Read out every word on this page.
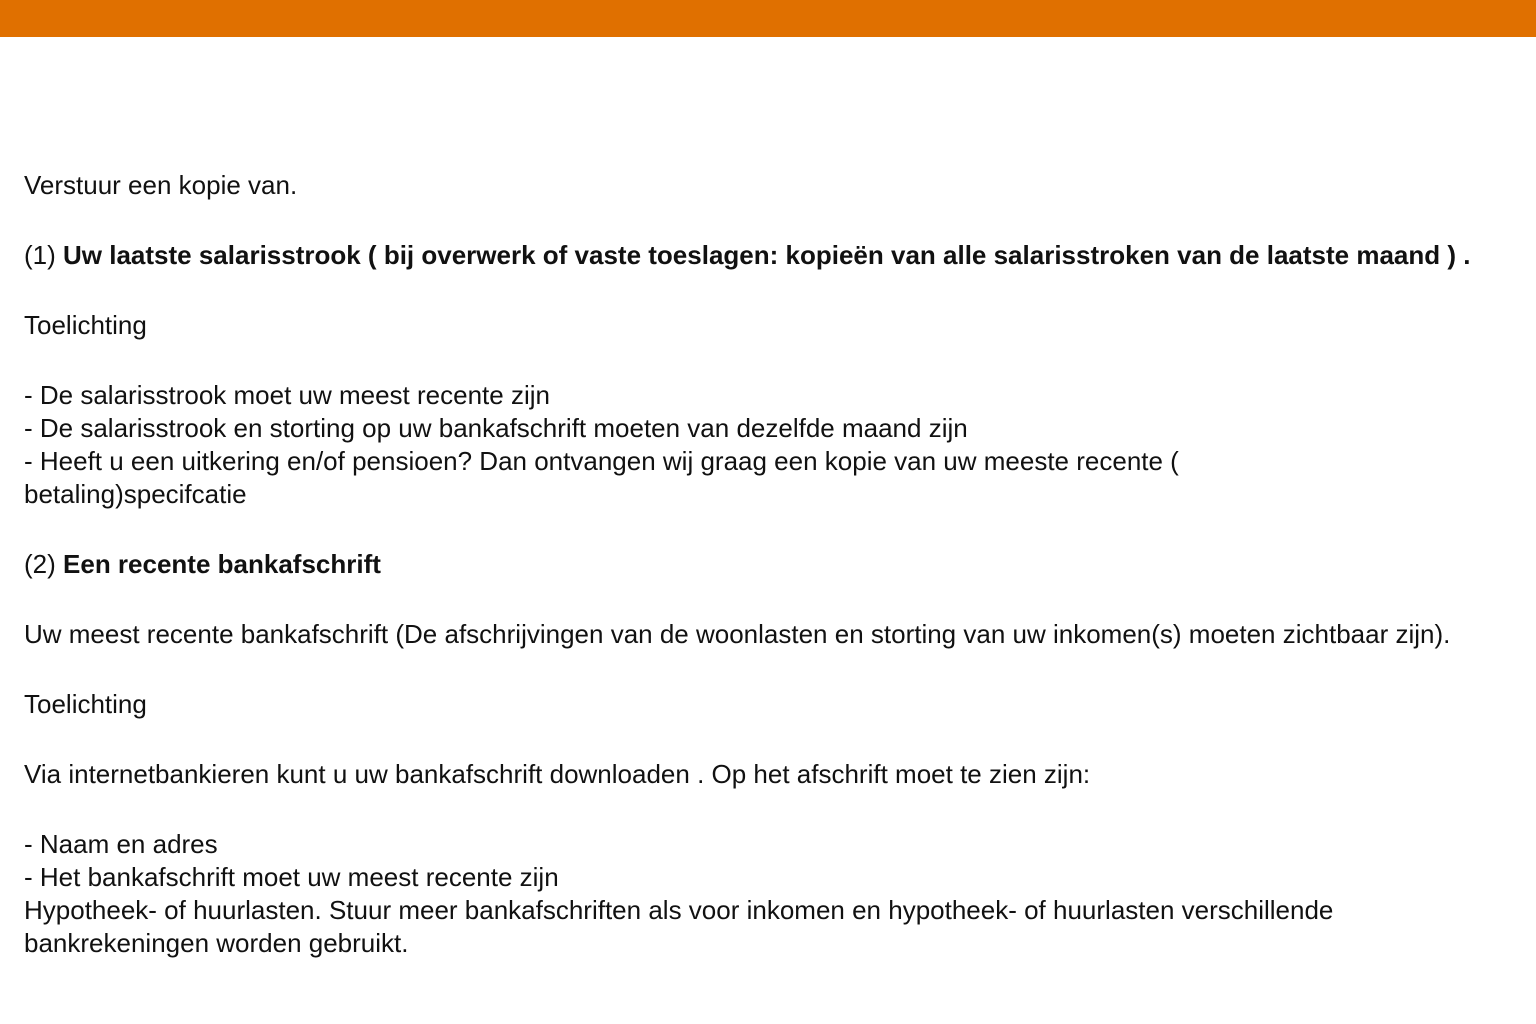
Verstuur een kopie van.

(1) Uw laatste salarisstrook ( bij overwerk of vaste toeslagen: kopieën van alle salarisstroken van de laatste maand ) .

Toelichting

- De salarisstrook moet uw meest recente zijn
- De salarisstrook en storting op uw bankafschrift moeten van dezelfde maand zijn
- Heeft u een uitkering en/of pensioen? Dan ontvangen wij graag een kopie van uw meeste recente (
betaling)specifcatie

(2) Een recente bankafschrift

Uw meest recente bankafschrift (De afschrijvingen van de woonlasten en storting van uw inkomen(s) moeten zichtbaar zijn).

Toelichting

Via internetbankieren kunt u uw bankafschrift downloaden . Op het afschrift moet te zien zijn:

- Naam en adres
- Het bankafschrift moet uw meest recente zijn
Hypotheek- of huurlasten. Stuur meer bankafschriften als voor inkomen en hypotheek- of huurlasten verschillende
bankrekeningen worden gebruikt.
